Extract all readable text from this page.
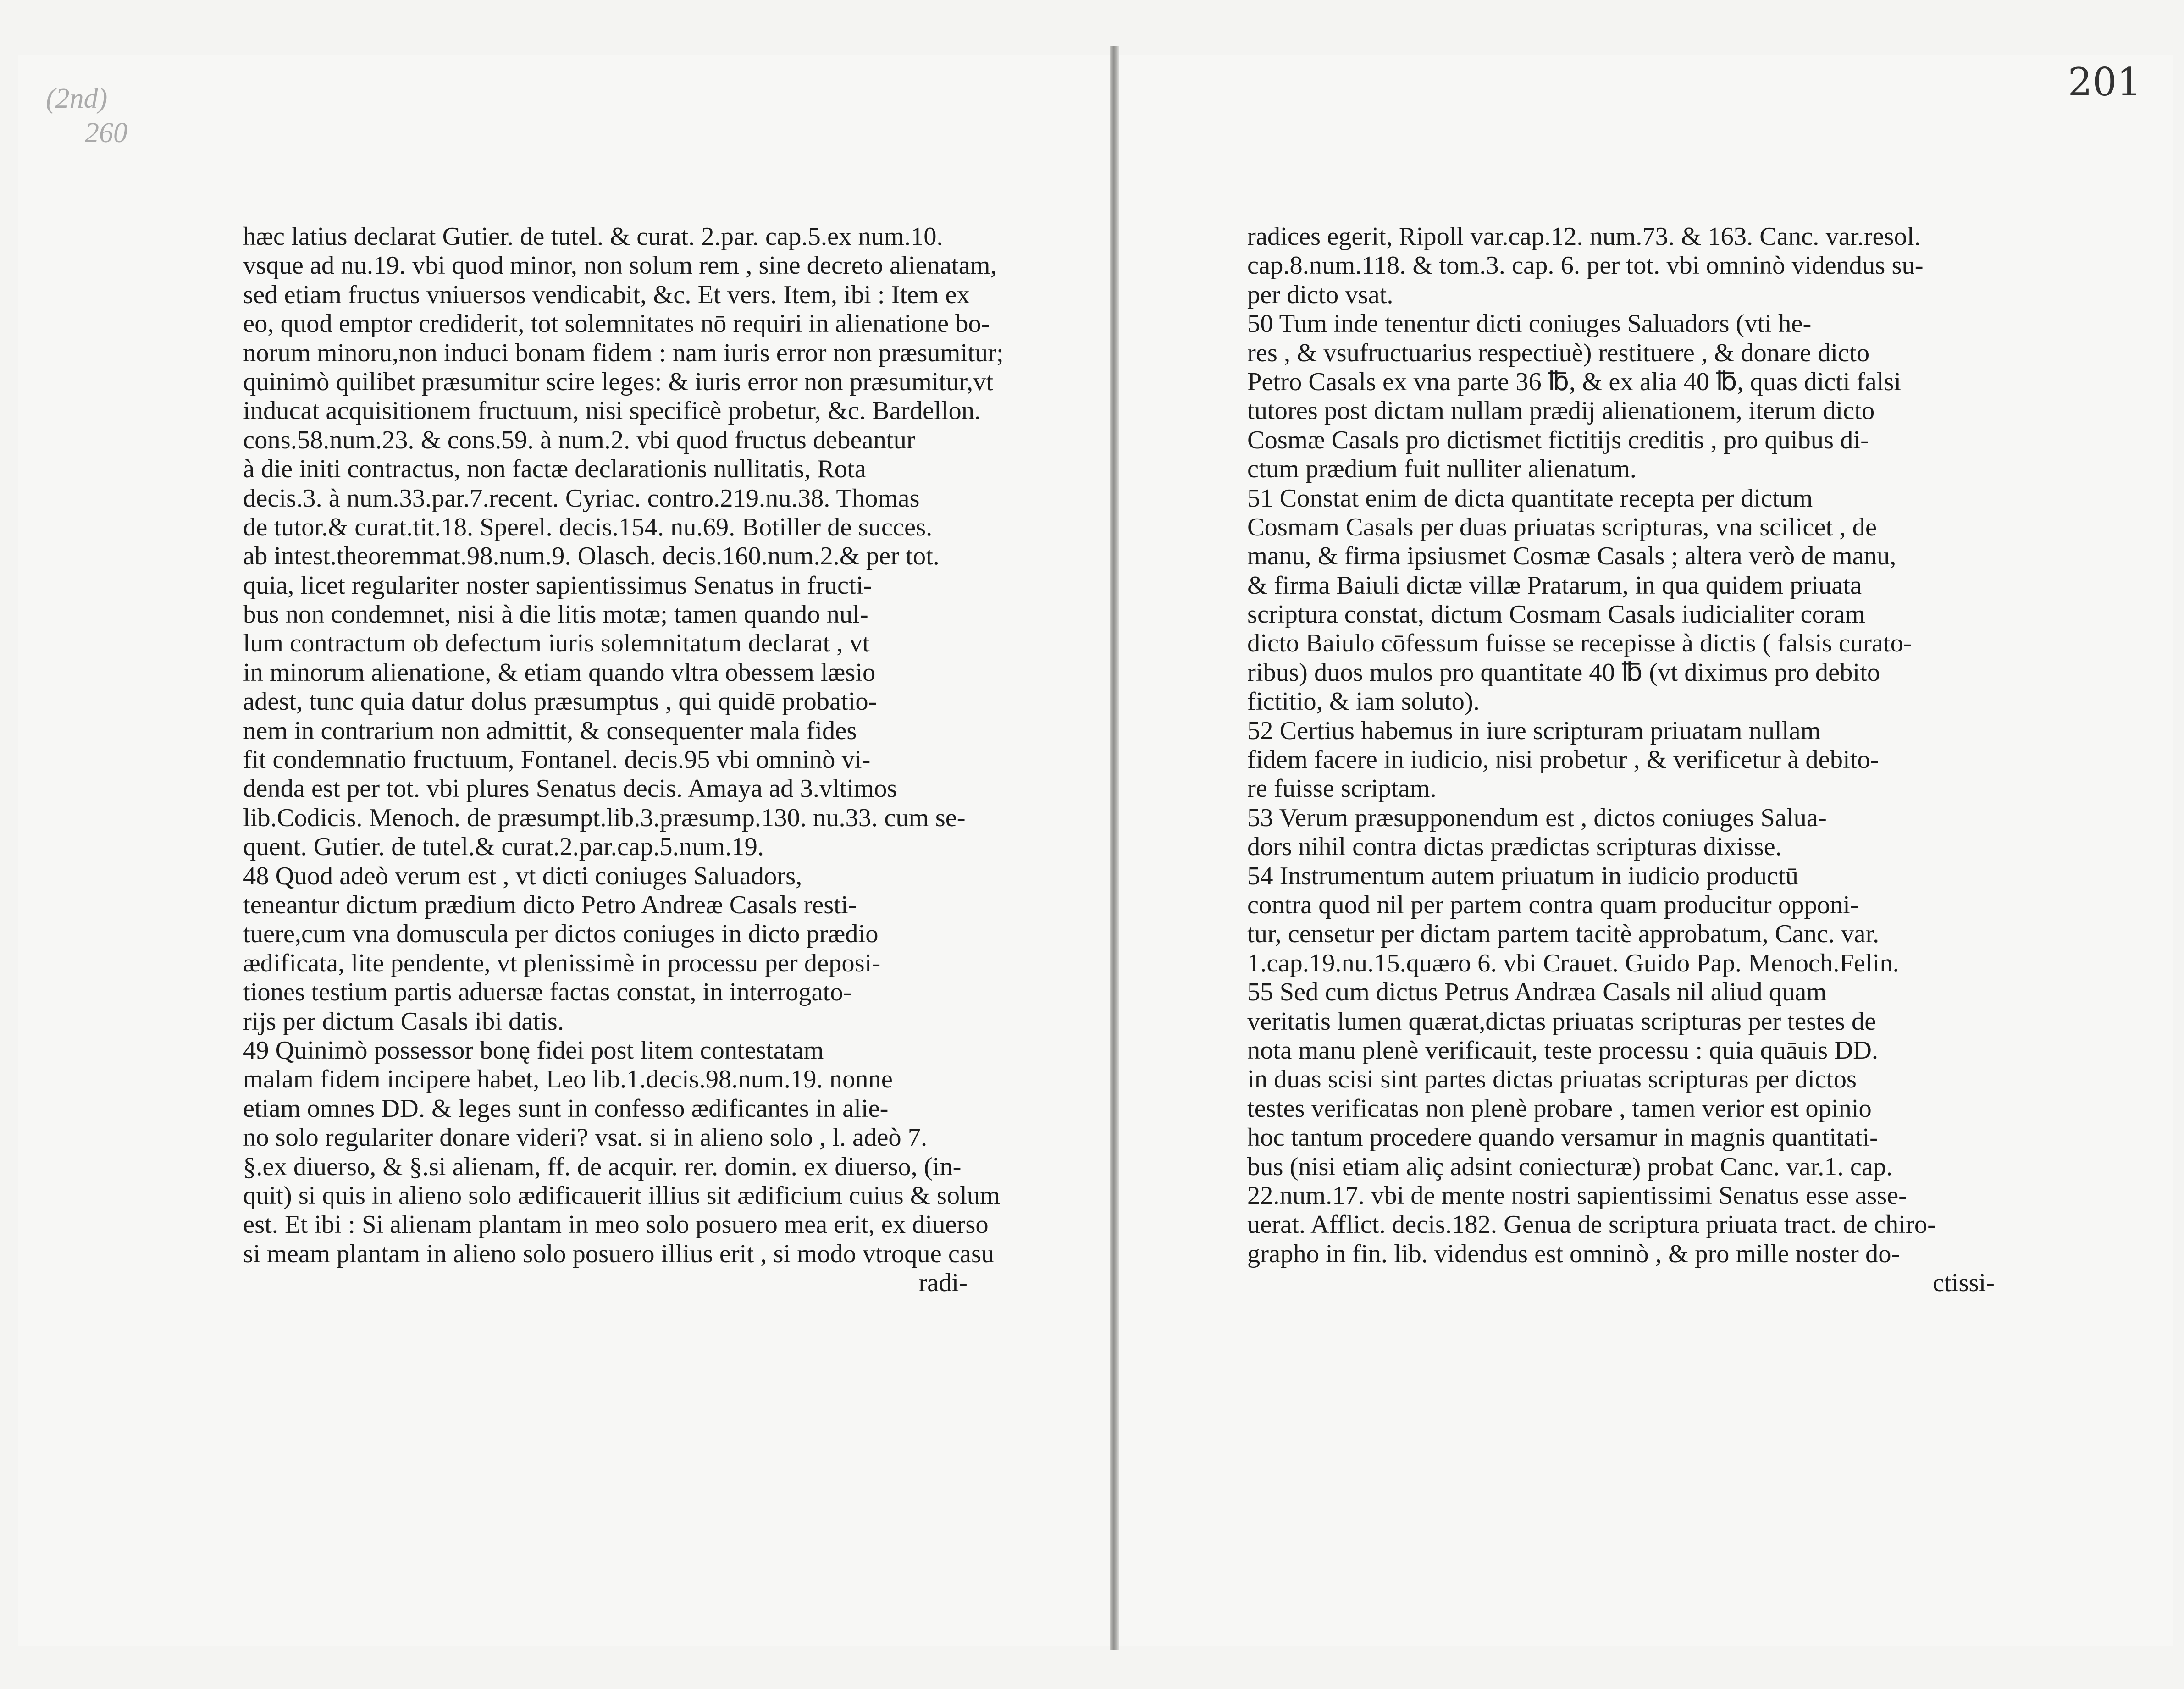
(2nd)
260
hæc latius declarat Gutier. de tutel. & curat. 2.par. cap.5.ex num.10.
vsque ad nu.19. vbi quod minor, non solum rem , sine decreto alienatam,
sed etiam fructus vniuersos vendicabit, &c. Et vers. Item, ibi : Item ex
eo, quod emptor crediderit, tot solemnitates nō requiri in alienatione bo-
norum minoru,non induci bonam fidem : nam iuris error non præsumitur;
quinimò quilibet præsumitur scire leges: & iuris error non præsumitur,vt
inducat acquisitionem fructuum, nisi specificè probetur, &c. Bardellon.
cons.58.num.23. & cons.59. à num.2. vbi quod fructus debeantur
à die initi contractus, non factæ declarationis nullitatis, Rota
decis.3. à num.33.par.7.recent. Cyriac. contro.219.nu.38. Thomas
de tutor.& curat.tit.18. Sperel. decis.154. nu.69. Botiller de succes.
ab intest.theoremmat.98.num.9. Olasch. decis.160.num.2.& per tot.
quia, licet regulariter noster sapientissimus Senatus in fructi-
bus non condemnet, nisi à die litis motæ; tamen quando nul-
lum contractum ob defectum iuris solemnitatum declarat , vt
in minorum alienatione, & etiam quando vltra obessem læsio
adest, tunc quia datur dolus præsumptus , qui quidē probatio-
nem in contrarium non admittit, & consequenter mala fides
fit condemnatio fructuum, Fontanel. decis.95 vbi omninò vi-
denda est per tot. vbi plures Senatus decis. Amaya ad 3.vltimos
lib.Codicis. Menoch. de præsumpt.lib.3.præsump.130. nu.33. cum se-
quent. Gutier. de tutel.& curat.2.par.cap.5.num.19.
48 Quod adeò verum est , vt dicti coniuges Saluadors,
teneantur dictum prædium dicto Petro Andreæ Casals resti-
tuere,cum vna domuscula per dictos coniuges in dicto prædio
ædificata, lite pendente, vt plenissimè in processu per deposi-
tiones testium partis aduersæ factas constat, in interrogato-
rijs per dictum Casals ibi datis.
49 Quinimò possessor bonę fidei post litem contestatam
malam fidem incipere habet, Leo lib.1.decis.98.num.19. nonne
etiam omnes DD. & leges sunt in confesso ædificantes in alie-
no solo regulariter donare videri? vsat. si in alieno solo , l. adeò 7.
§.ex diuerso, & §.si alienam, ff. de acquir. rer. domin. ex diuerso, (in-
quit) si quis in alieno solo ædificauerit illius sit ædificium cuius & solum
est. Et ibi : Si alienam plantam in meo solo posuero mea erit, ex diuerso
si meam plantam in alieno solo posuero illius erit , si modo vtroque casu
radi-
201
radices egerit, Ripoll var.cap.12. num.73. & 163. Canc. var.resol.
cap.8.num.118. & tom.3. cap. 6. per tot. vbi omninò videndus su-
per dicto vsat.
50 Tum inde tenentur dicti coniuges Saluadors (vti he-
res , & vsufructuarius respectiuè) restituere , & donare dicto
Petro Casals ex vna parte 36 ℔, & ex alia 40 ℔, quas dicti falsi
tutores post dictam nullam prædij alienationem, iterum dicto
Cosmæ Casals pro dictismet fictitijs creditis , pro quibus di-
ctum prædium fuit nulliter alienatum.
51 Constat enim de dicta quantitate recepta per dictum
Cosmam Casals per duas priuatas scripturas, vna scilicet , de
manu, & firma ipsiusmet Cosmæ Casals ; altera verò de manu,
& firma Baiuli dictæ villæ Pratarum, in qua quidem priuata
scriptura constat, dictum Cosmam Casals iudicialiter coram
dicto Baiulo cōfessum fuisse se recepisse à dictis ( falsis curato-
ribus) duos mulos pro quantitate 40 ℔ (vt diximus pro debito
fictitio, & iam soluto).
52 Certius habemus in iure scripturam priuatam nullam
fidem facere in iudicio, nisi probetur , & verificetur à debito-
re fuisse scriptam.
53 Verum præsupponendum est , dictos coniuges Salua-
dors nihil contra dictas prædictas scripturas dixisse.
54 Instrumentum autem priuatum in iudicio productū
contra quod nil per partem contra quam producitur opponi-
tur, censetur per dictam partem tacitè approbatum, Canc. var.
1.cap.19.nu.15.quæro 6. vbi Crauet. Guido Pap. Menoch.Felin.
55 Sed cum dictus Petrus Andræa Casals nil aliud quam
veritatis lumen quærat,dictas priuatas scripturas per testes de
nota manu plenè verificauit, teste processu : quia quāuis DD.
in duas scisi sint partes dictas priuatas scripturas per dictos
testes verificatas non plenè probare , tamen verior est opinio
hoc tantum procedere quando versamur in magnis quantitati-
bus (nisi etiam aliç adsint coniecturæ) probat Canc. var.1. cap.
22.num.17. vbi de mente nostri sapientissimi Senatus esse asse-
uerat. Afflict. decis.182. Genua de scriptura priuata tract. de chiro-
grapho in fin. lib. videndus est omninò , & pro mille noster do-
ctissi-
